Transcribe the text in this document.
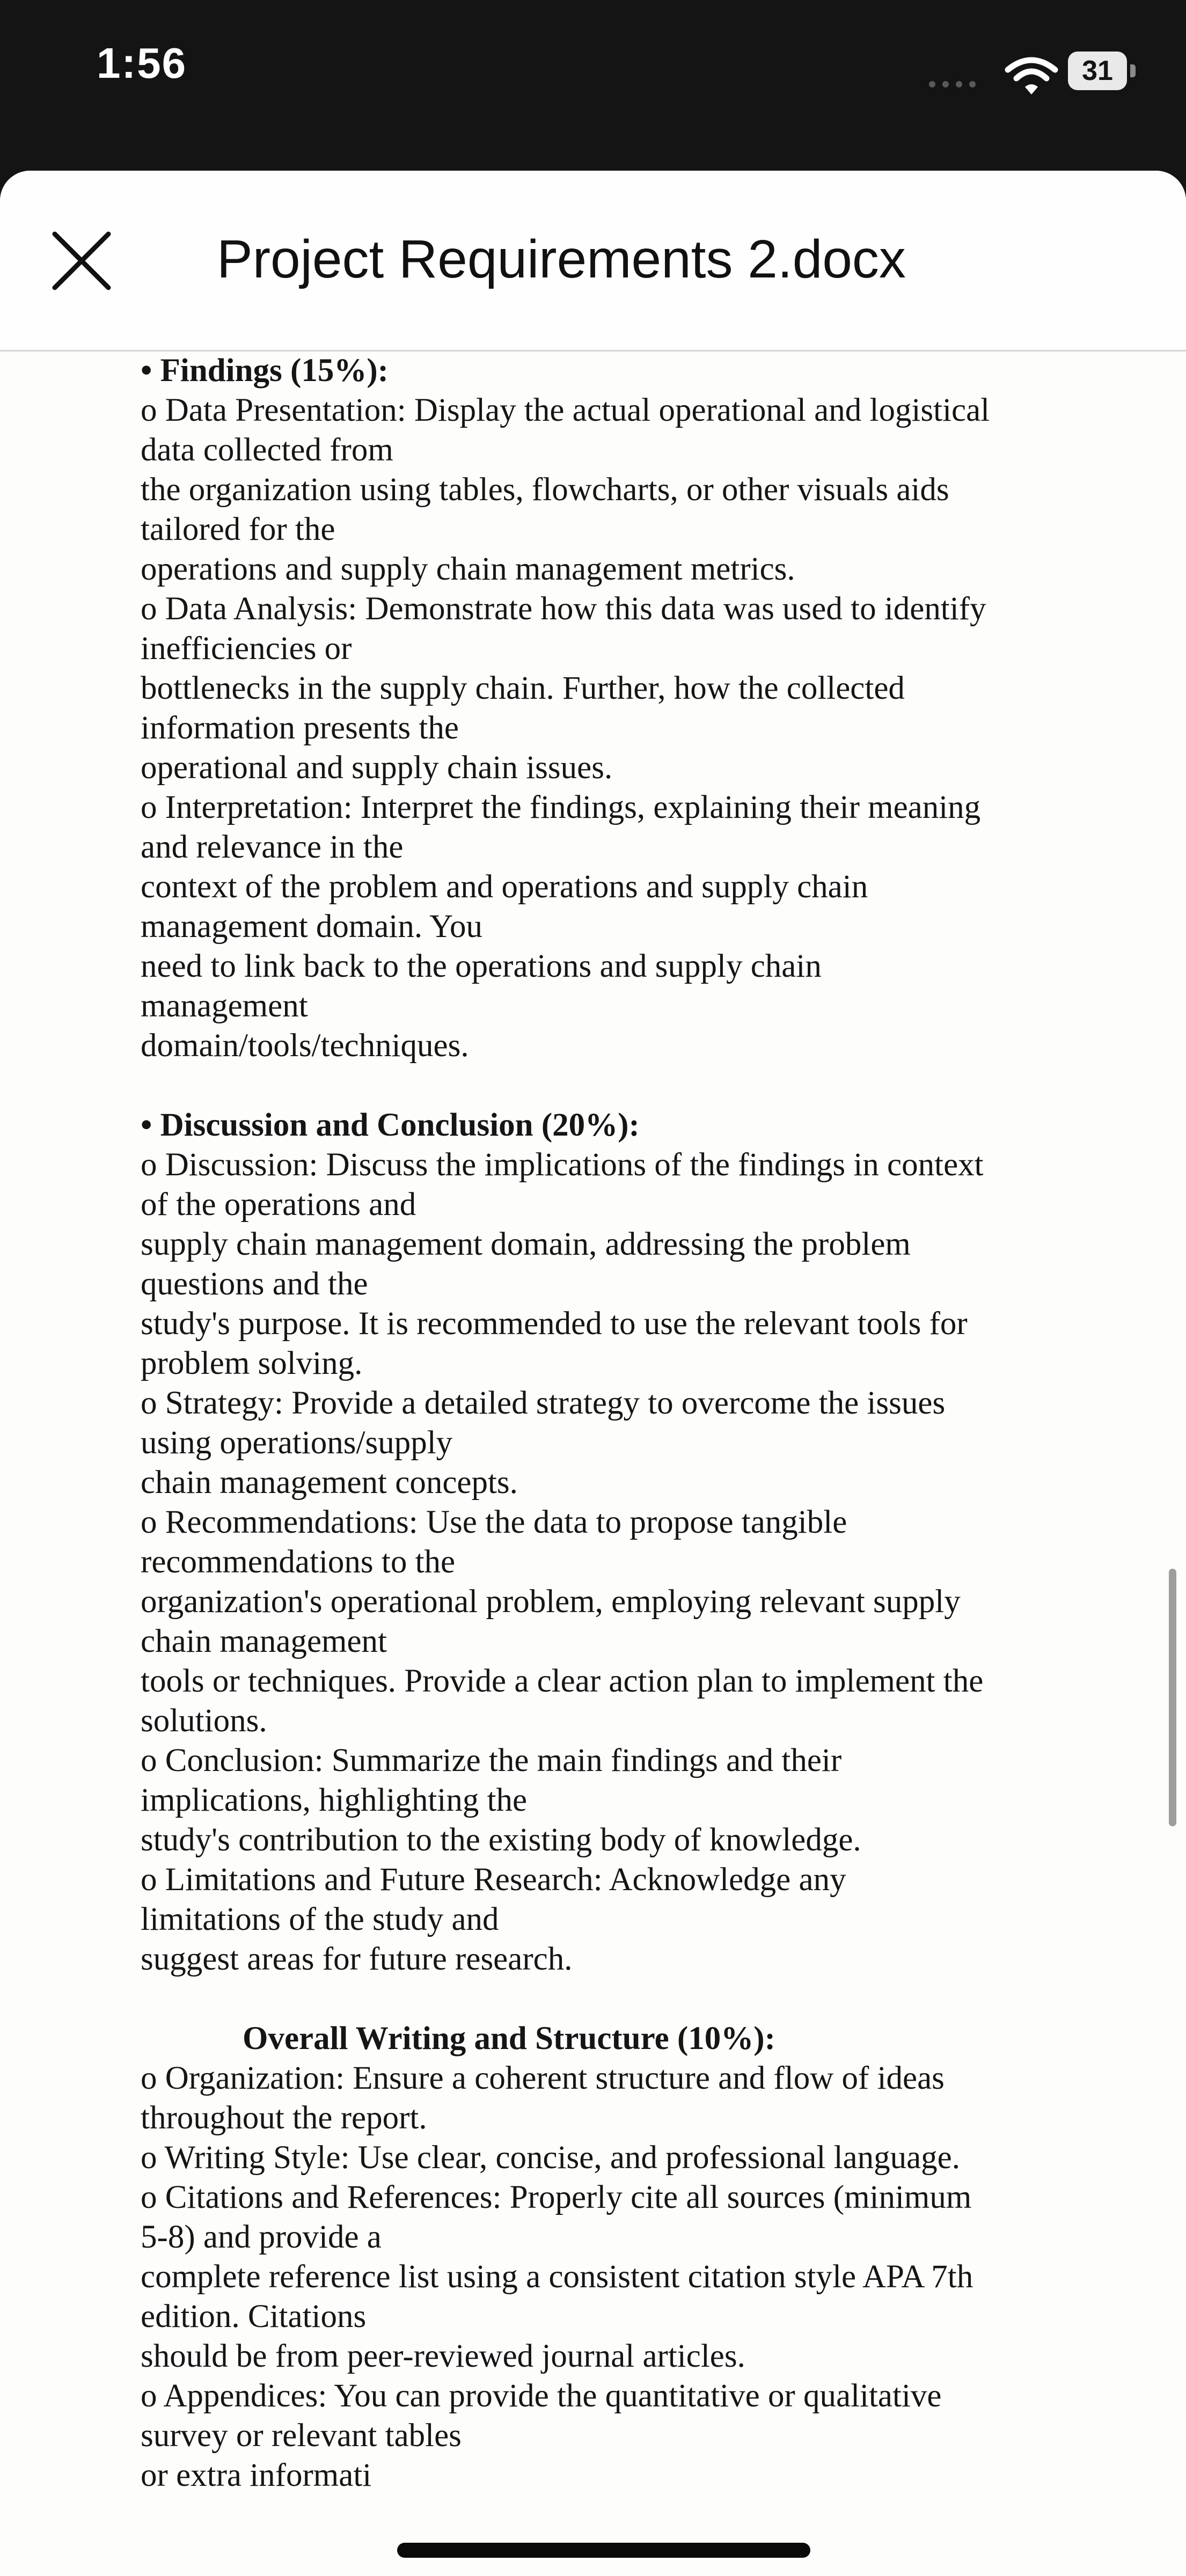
1:56	31
Project Requirements 2.docx
• Findings (15%):
o Data Presentation: Display the actual operational and logistical
data collected from
the organization using tables, flowcharts, or other visuals aids
tailored for the
operations and supply chain management metrics.
o Data Analysis: Demonstrate how this data was used to identify
inefficiencies or
bottlenecks in the supply chain. Further, how the collected
information presents the
operational and supply chain issues.
o Interpretation: Interpret the findings, explaining their meaning
and relevance in the
context of the problem and operations and supply chain
management domain. You
need to link back to the operations and supply chain
management
domain/tools/techniques.
• Discussion and Conclusion (20%):
o Discussion: Discuss the implications of the findings in context
of the operations and
supply chain management domain, addressing the problem
questions and the
study's purpose. It is recommended to use the relevant tools for
problem solving.
o Strategy: Provide a detailed strategy to overcome the issues
using operations/supply
chain management concepts.
o Recommendations: Use the data to propose tangible
recommendations to the
organization's operational problem, employing relevant supply
chain management
tools or techniques. Provide a clear action plan to implement the
solutions.
o Conclusion: Summarize the main findings and their
implications, highlighting the
study's contribution to the existing body of knowledge.
o Limitations and Future Research: Acknowledge any
limitations of the study and
suggest areas for future research.
Overall Writing and Structure (10%):
o Organization: Ensure a coherent structure and flow of ideas
throughout the report.
o Writing Style: Use clear, concise, and professional language.
o Citations and References: Properly cite all sources (minimum
5-8) and provide a
complete reference list using a consistent citation style APA 7th
edition. Citations
should be from peer-reviewed journal articles.
o Appendices: You can provide the quantitative or qualitative
survey or relevant tables
or extra informati
